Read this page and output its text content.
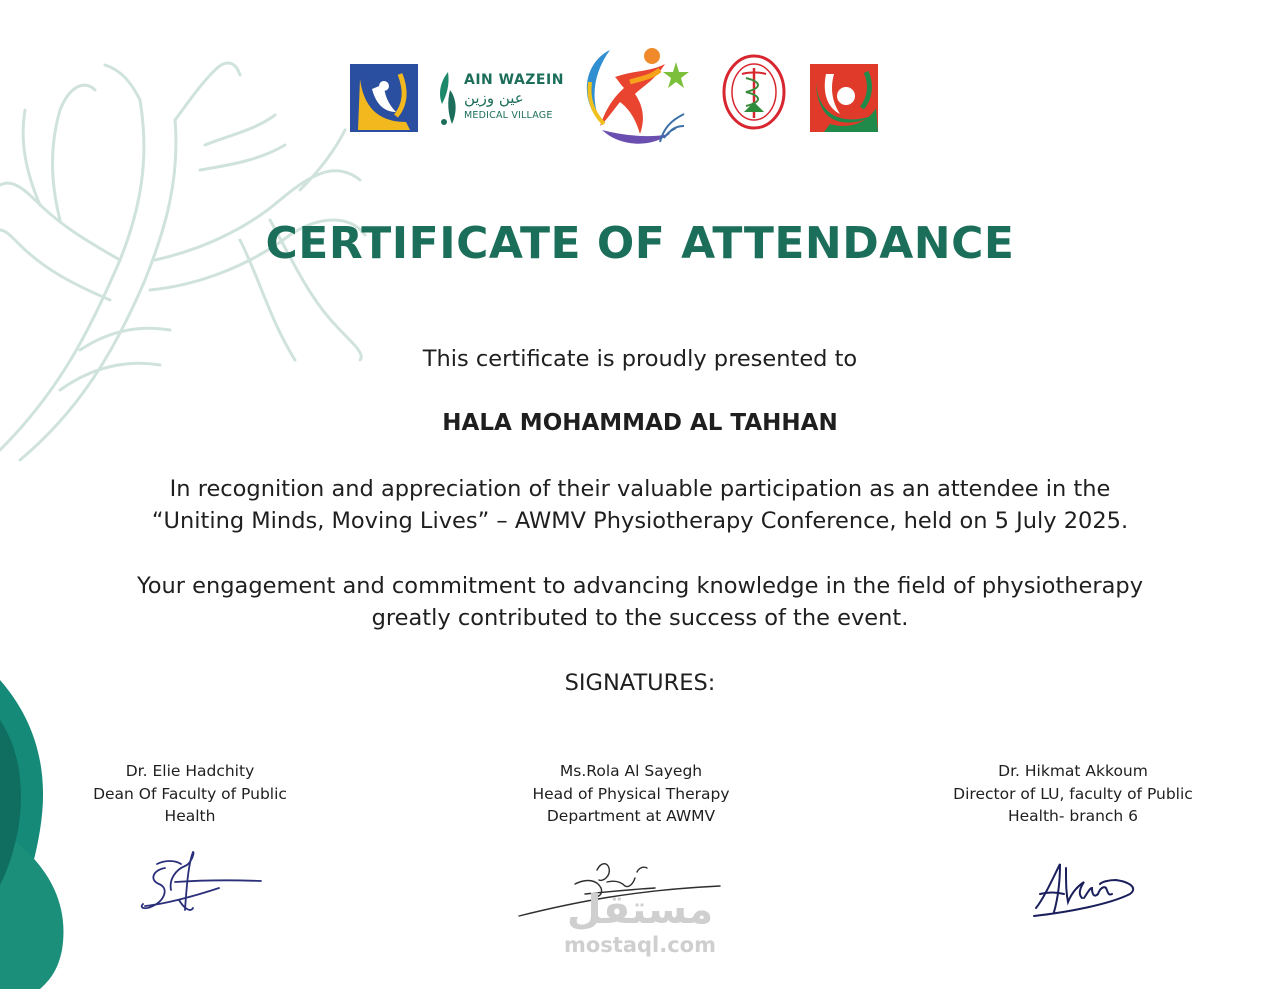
AIN WAZEIN
عين وزين
MEDICAL VILLAGE
CERTIFICATE OF ATTENDANCE
This certificate is proudly presented to
HALA MOHAMMAD AL TAHHAN
In recognition and appreciation of their valuable participation as an attendee in the
“Uniting Minds, Moving Lives” – AWMV Physiotherapy Conference, held on 5 July 2025.
Your engagement and commitment to advancing knowledge in the field of physiotherapy
greatly contributed to the success of the event.
SIGNATURES:
Dr. Elie Hadchity
Dean Of Faculty of Public
Health
Ms.Rola Al Sayegh
Head of Physical Therapy
Department at AWMV
Dr. Hikmat Akkoum
Director of LU, faculty of Public
Health- branch 6
مستقل
mostaql.com
